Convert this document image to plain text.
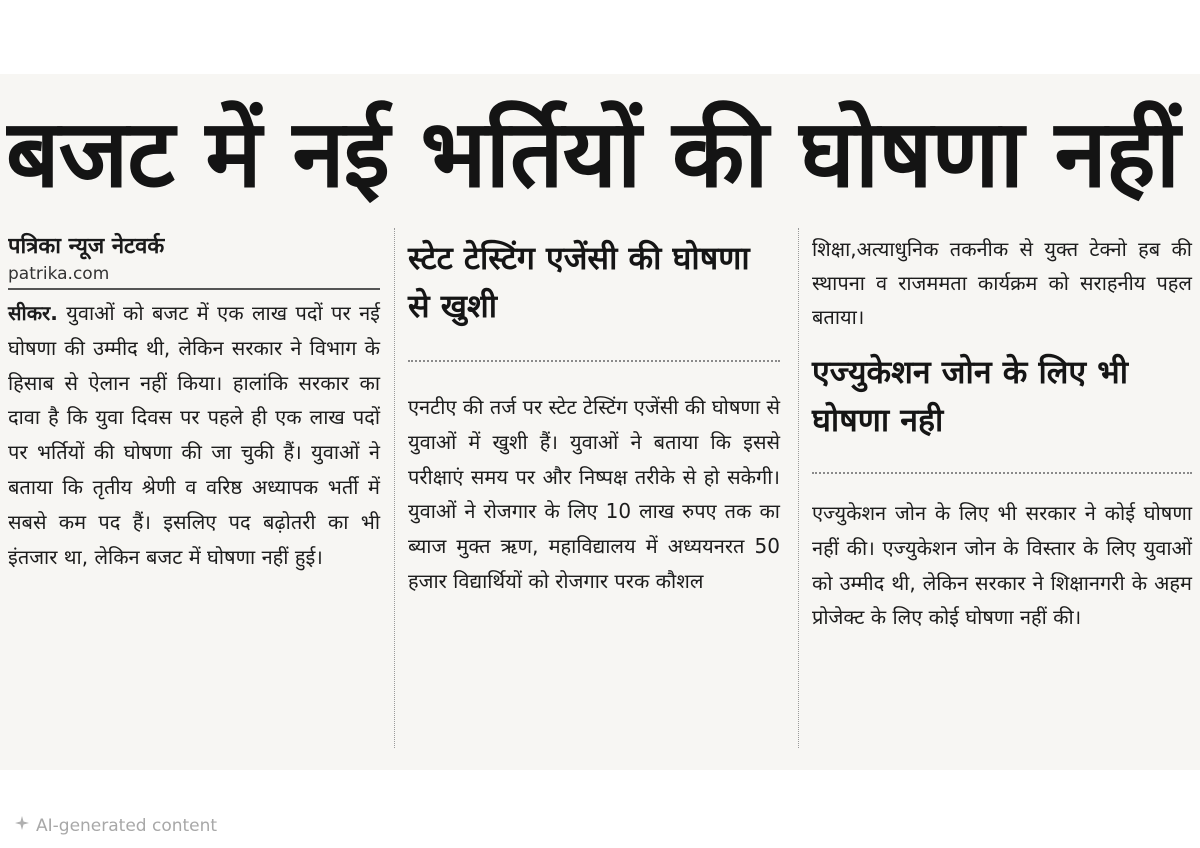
बजट में नई भर्तियों की घोषणा नहीं
पत्रिका न्यूज नेटवर्क
patrika.com
सीकर. युवाओं को बजट में एक लाख पदों पर नई घोषणा की उम्मीद थी, लेकिन सरकार ने विभाग के हिसाब से ऐलान नहीं किया। हालांकि सरकार का दावा है कि युवा दिवस पर पहले ही एक लाख पदों पर भर्तियों की घोषणा की जा चुकी हैं। युवाओं ने बताया कि तृतीय श्रेणी व वरिष्ठ अध्यापक भर्ती में सबसे कम पद हैं। इसलिए पद बढ़ोतरी का भी इंतजार था, लेकिन बजट में घोषणा नहीं हुई।
स्टेट टेस्टिंग एजेंसी की घोषणा से खुशी
एनटीए की तर्ज पर स्टेट टेस्टिंग एजेंसी की घोषणा से युवाओं में खुशी हैं। युवाओं ने बताया कि इससे परीक्षाएं समय पर और निष्पक्ष तरीके से हो सकेगी। युवाओं ने रोजगार के लिए 10 लाख रुपए तक का ब्याज मुक्त ऋण, महाविद्यालय में अध्ययनरत 50 हजार विद्यार्थियों को रोजगार परक कौशल
शिक्षा,अत्याधुनिक तकनीक से युक्त टेक्नो हब की स्थापना व राजममता कार्यक्रम को सराहनीय पहल बताया।
एज्युकेशन जोन के लिए भी घोषणा नही
एज्युकेशन जोन के लिए भी सरकार ने कोई घोषणा नहीं की। एज्युकेशन जोन के विस्तार के लिए युवाओं को उम्मीद थी, लेकिन सरकार ने शिक्षानगरी के अहम प्रोजेक्ट के लिए कोई घोषणा नहीं की।
AI-generated content
